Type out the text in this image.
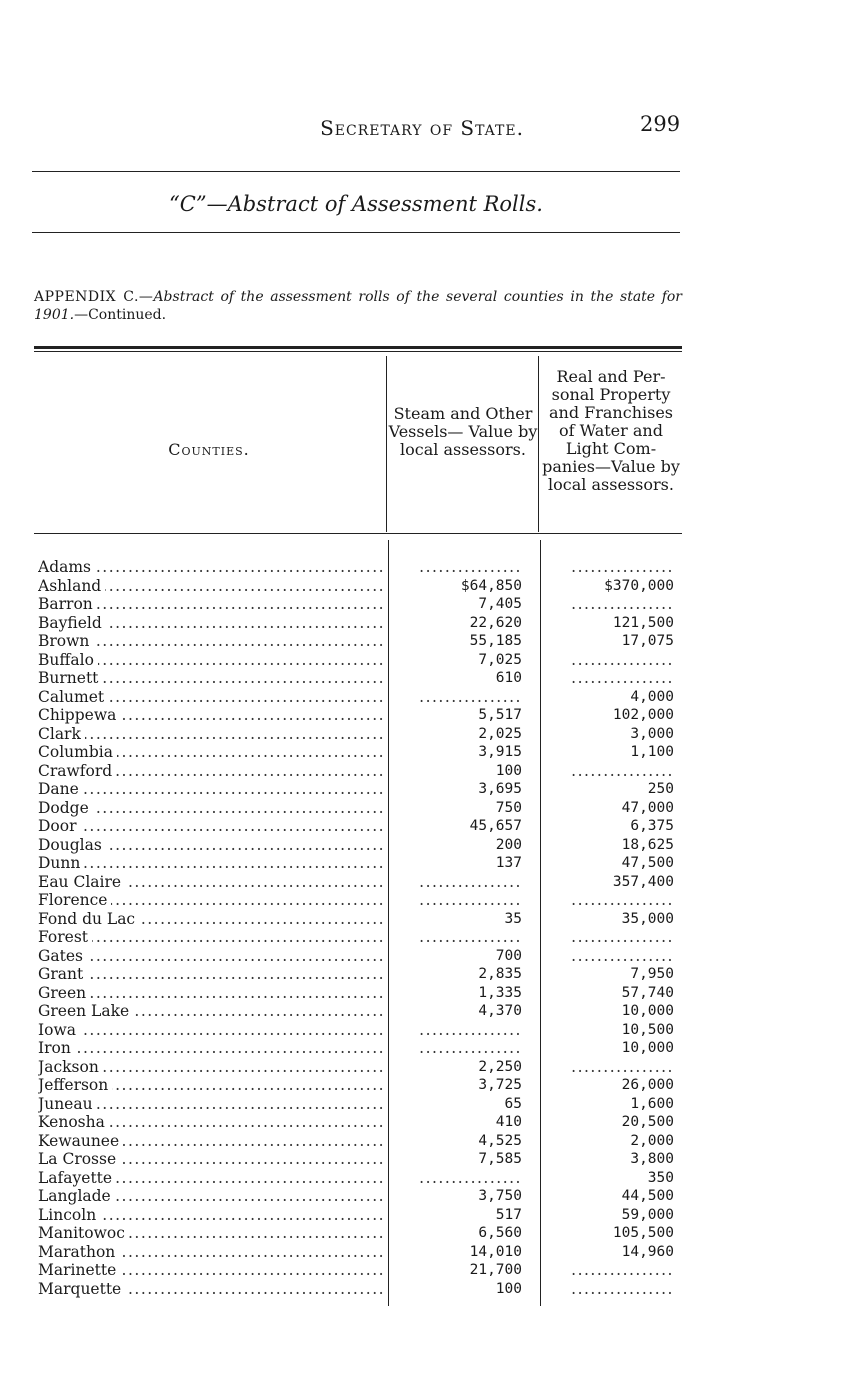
Secretary of State.	299
“C”—Abstract of Assessment Rolls.
APPENDIX C.—Abstract of the assessment rolls of the several counties in the state for 1901.—Continued.
Counties.
Steam and Other Vessels— Value by local assessors.
Real and Per- sonal Property and Franchises of Water and Light Com- panies—Value by local assessors.
Adams .....	................	................
Ashland .....	$64,850	$370,000
Barron .....	7,405	................
Bayfield .....	22,620	121,500
Brown .....	55,185	17,075
Buffalo .....	7,025	................
Burnett .....	610	................
Calumet .....	................	4,000
Chippewa .....	5,517	102,000
Clark .....	2,025	3,000
Columbia .....	3,915	1,100
Crawford .....	100	................
Dane .....	3,695	250
Dodge .....	750	47,000
Door .....	45,657	6,375
Douglas .....	200	18,625
Dunn .....	137	47,500
Eau Claire .....	................	357,400
Florence .....	................	................
Fond du Lac .....	35	35,000
Forest .....	................	................
Gates .....	700	................
Grant .....	2,835	7,950
Green .....	1,335	57,740
Green Lake .....	4,370	10,000
Iowa .....	................	10,500
Iron .....	................	10,000
Jackson .....	2,250	................
Jefferson .....	3,725	26,000
Juneau .....	65	1,600
Kenosha .....	410	20,500
Kewaunee .....	4,525	2,000
La Crosse .....	7,585	3,800
Lafayette .....	................	350
Langlade .....	3,750	44,500
Lincoln .....	517	59,000
Manitowoc .....	6,560	105,500
Marathon .....	14,010	14,960
Marinette .....	21,700	................
Marquette .....	100	................
